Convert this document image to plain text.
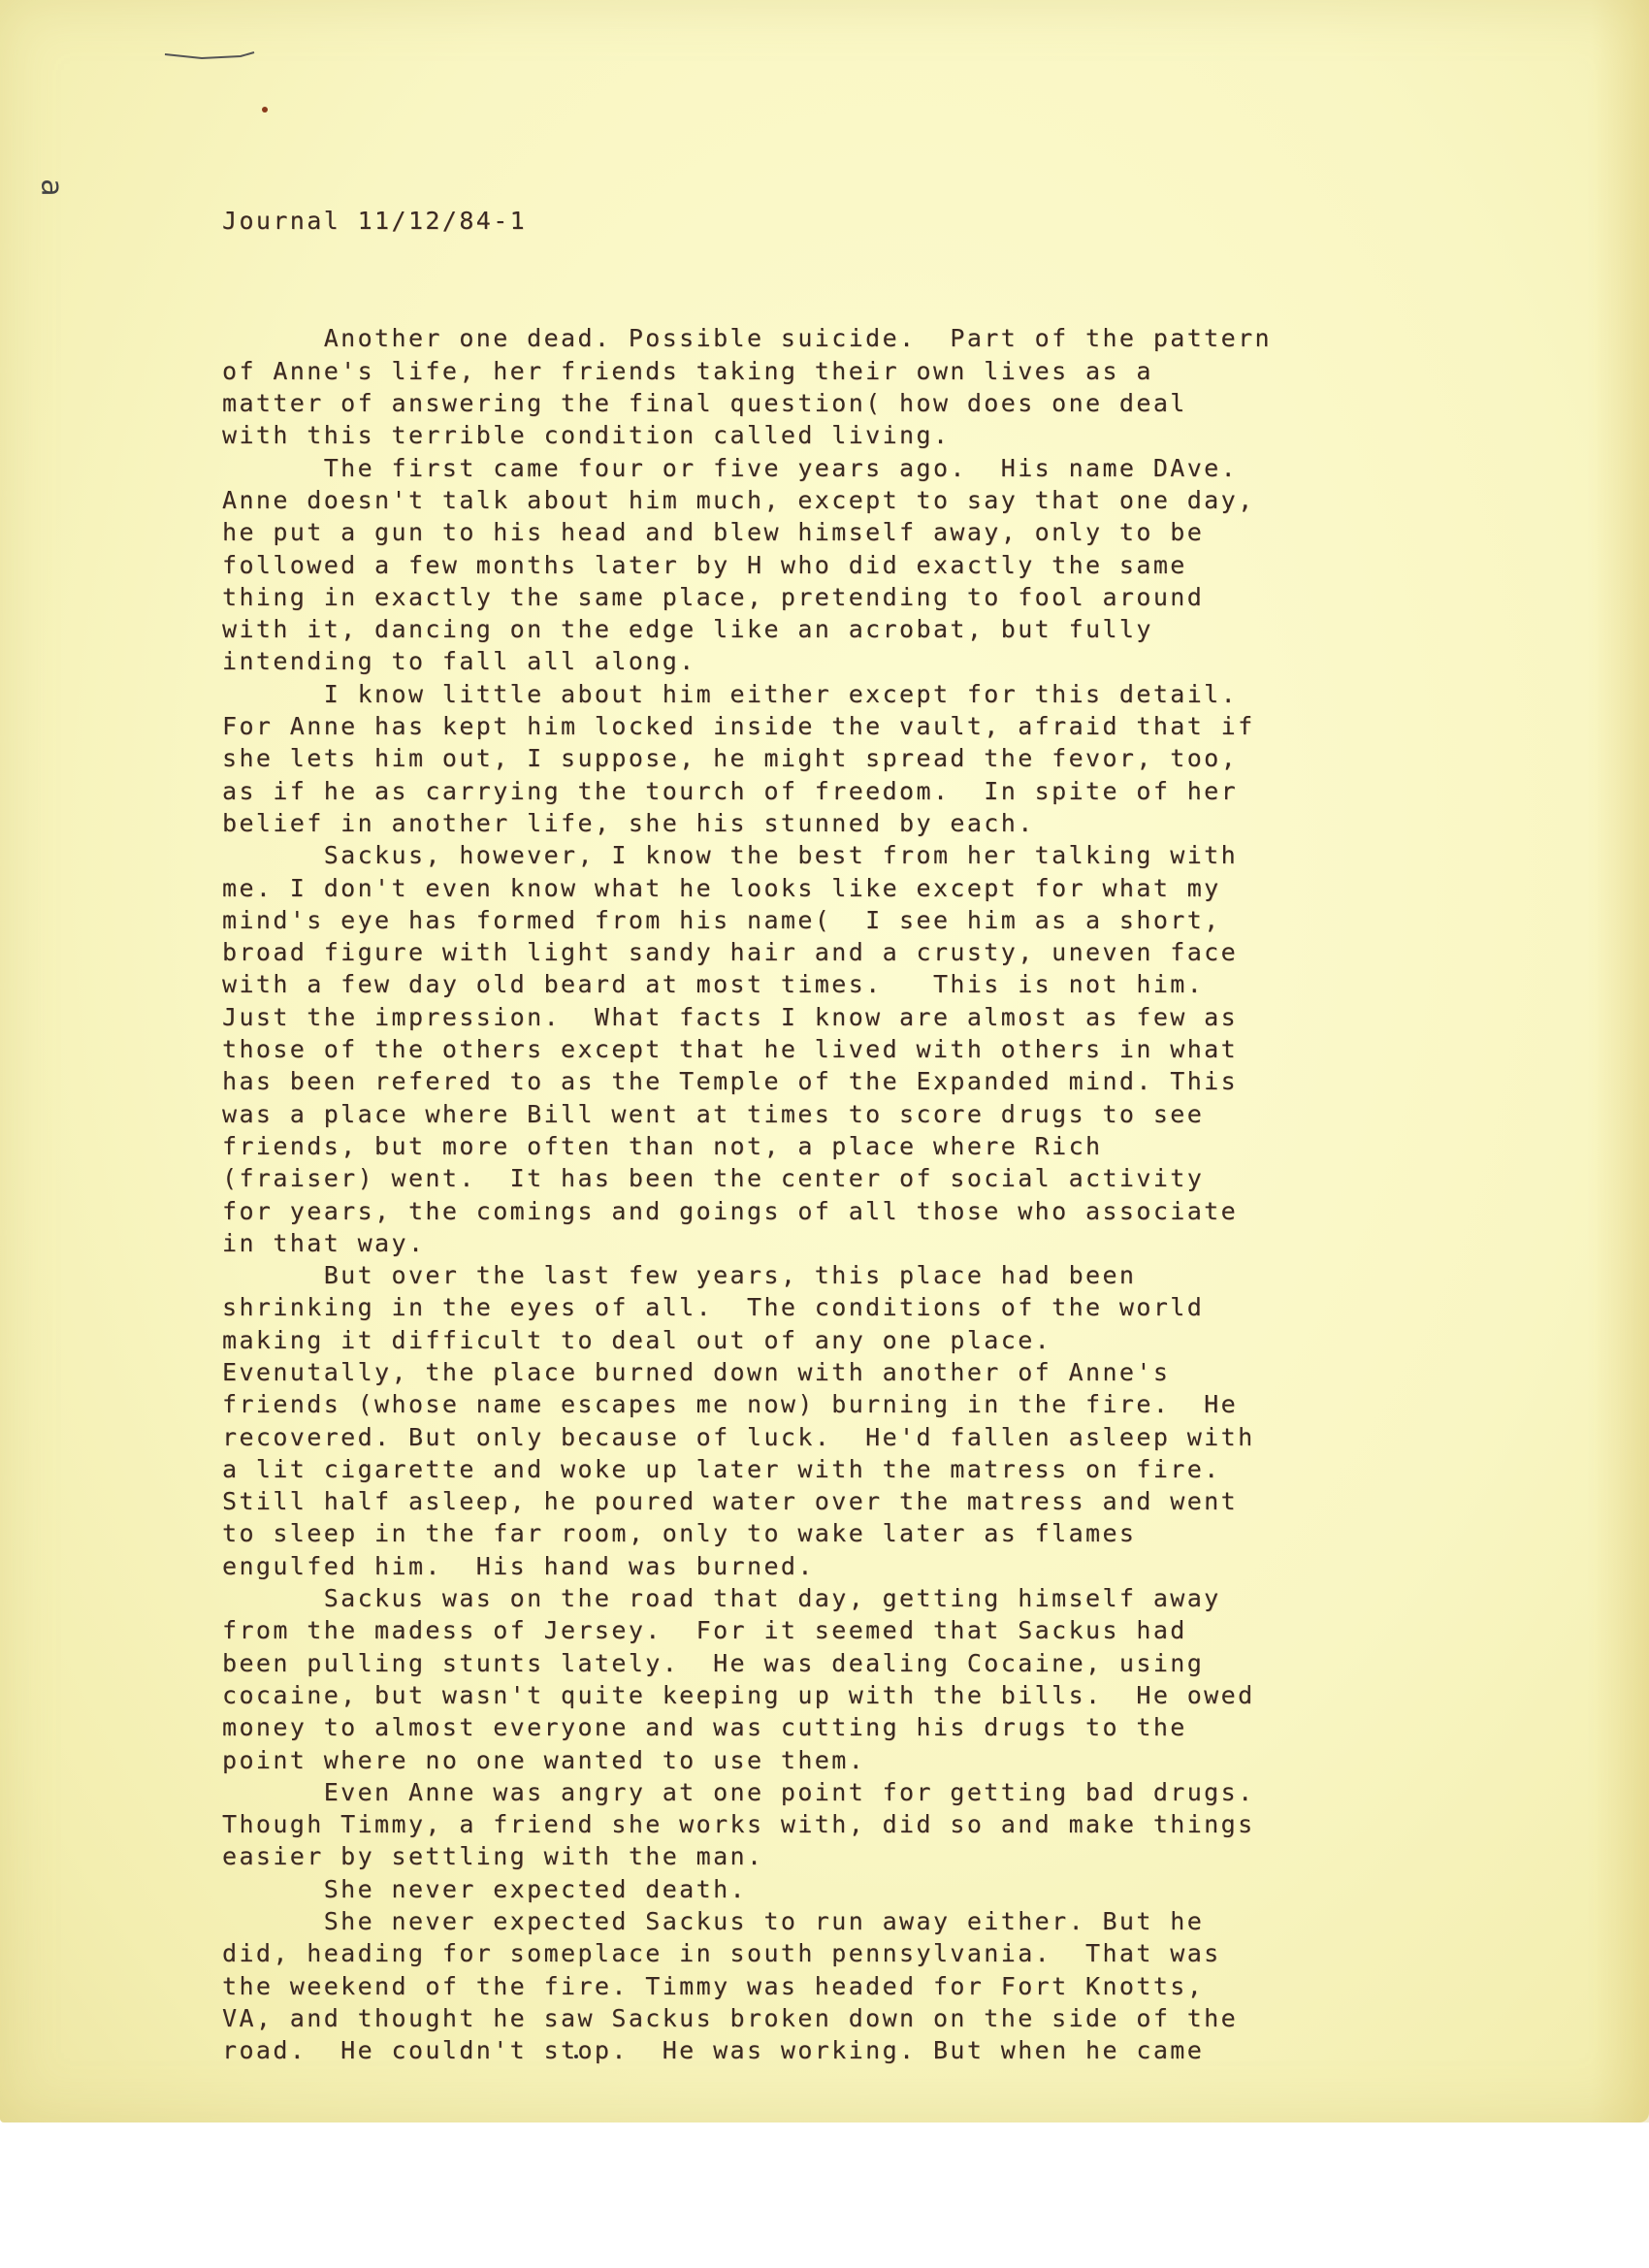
a

Journal 11/12/84-1

Another one dead. Possible suicide.  Part of the pattern
of Anne's life, her friends taking their own lives as a
matter of answering the final question( how does one deal
with this terrible condition called living.
The first came four or five years ago.  His name DAve.
Anne doesn't talk about him much, except to say that one day,
he put a gun to his head and blew himself away, only to be
followed a few months later by H who did exactly the same
thing in exactly the same place, pretending to fool around
with it, dancing on the edge like an acrobat, but fully
intending to fall all along.
I know little about him either except for this detail.
For Anne has kept him locked inside the vault, afraid that if
she lets him out, I suppose, he might spread the fevor, too,
as if he as carrying the tourch of freedom.  In spite of her
belief in another life, she his stunned by each.
Sackus, however, I know the best from her talking with
me. I don't even know what he looks like except for what my
mind's eye has formed from his name(  I see him as a short,
broad figure with light sandy hair and a crusty, uneven face
with a few day old beard at most times.   This is not him.
Just the impression.  What facts I know are almost as few as
those of the others except that he lived with others in what
has been refered to as the Temple of the Expanded mind. This
was a place where Bill went at times to score drugs to see
friends, but more often than not, a place where Rich
(fraiser) went.  It has been the center of social activity
for years, the comings and goings of all those who associate
in that way.
But over the last few years, this place had been
shrinking in the eyes of all.  The conditions of the world
making it difficult to deal out of any one place.
Evenutally, the place burned down with another of Anne's
friends (whose name escapes me now) burning in the fire.  He
recovered. But only because of luck.  He'd fallen asleep with
a lit cigarette and woke up later with the matress on fire.
Still half asleep, he poured water over the matress and went
to sleep in the far room, only to wake later as flames
engulfed him.  His hand was burned.
Sackus was on the road that day, getting himself away
from the madess of Jersey.  For it seemed that Sackus had
been pulling stunts lately.  He was dealing Cocaine, using
cocaine, but wasn't quite keeping up with the bills.  He owed
money to almost everyone and was cutting his drugs to the
point where no one wanted to use them.
Even Anne was angry at one point for getting bad drugs.
Though Timmy, a friend she works with, did so and make things
easier by settling with the man.
She never expected death.
She never expected Sackus to run away either. But he
did, heading for someplace in south pennsylvania.  That was
the weekend of the fire. Timmy was headed for Fort Knotts,
VA, and thought he saw Sackus broken down on the side of the
road.  He couldn't stop.  He was working. But when he came
